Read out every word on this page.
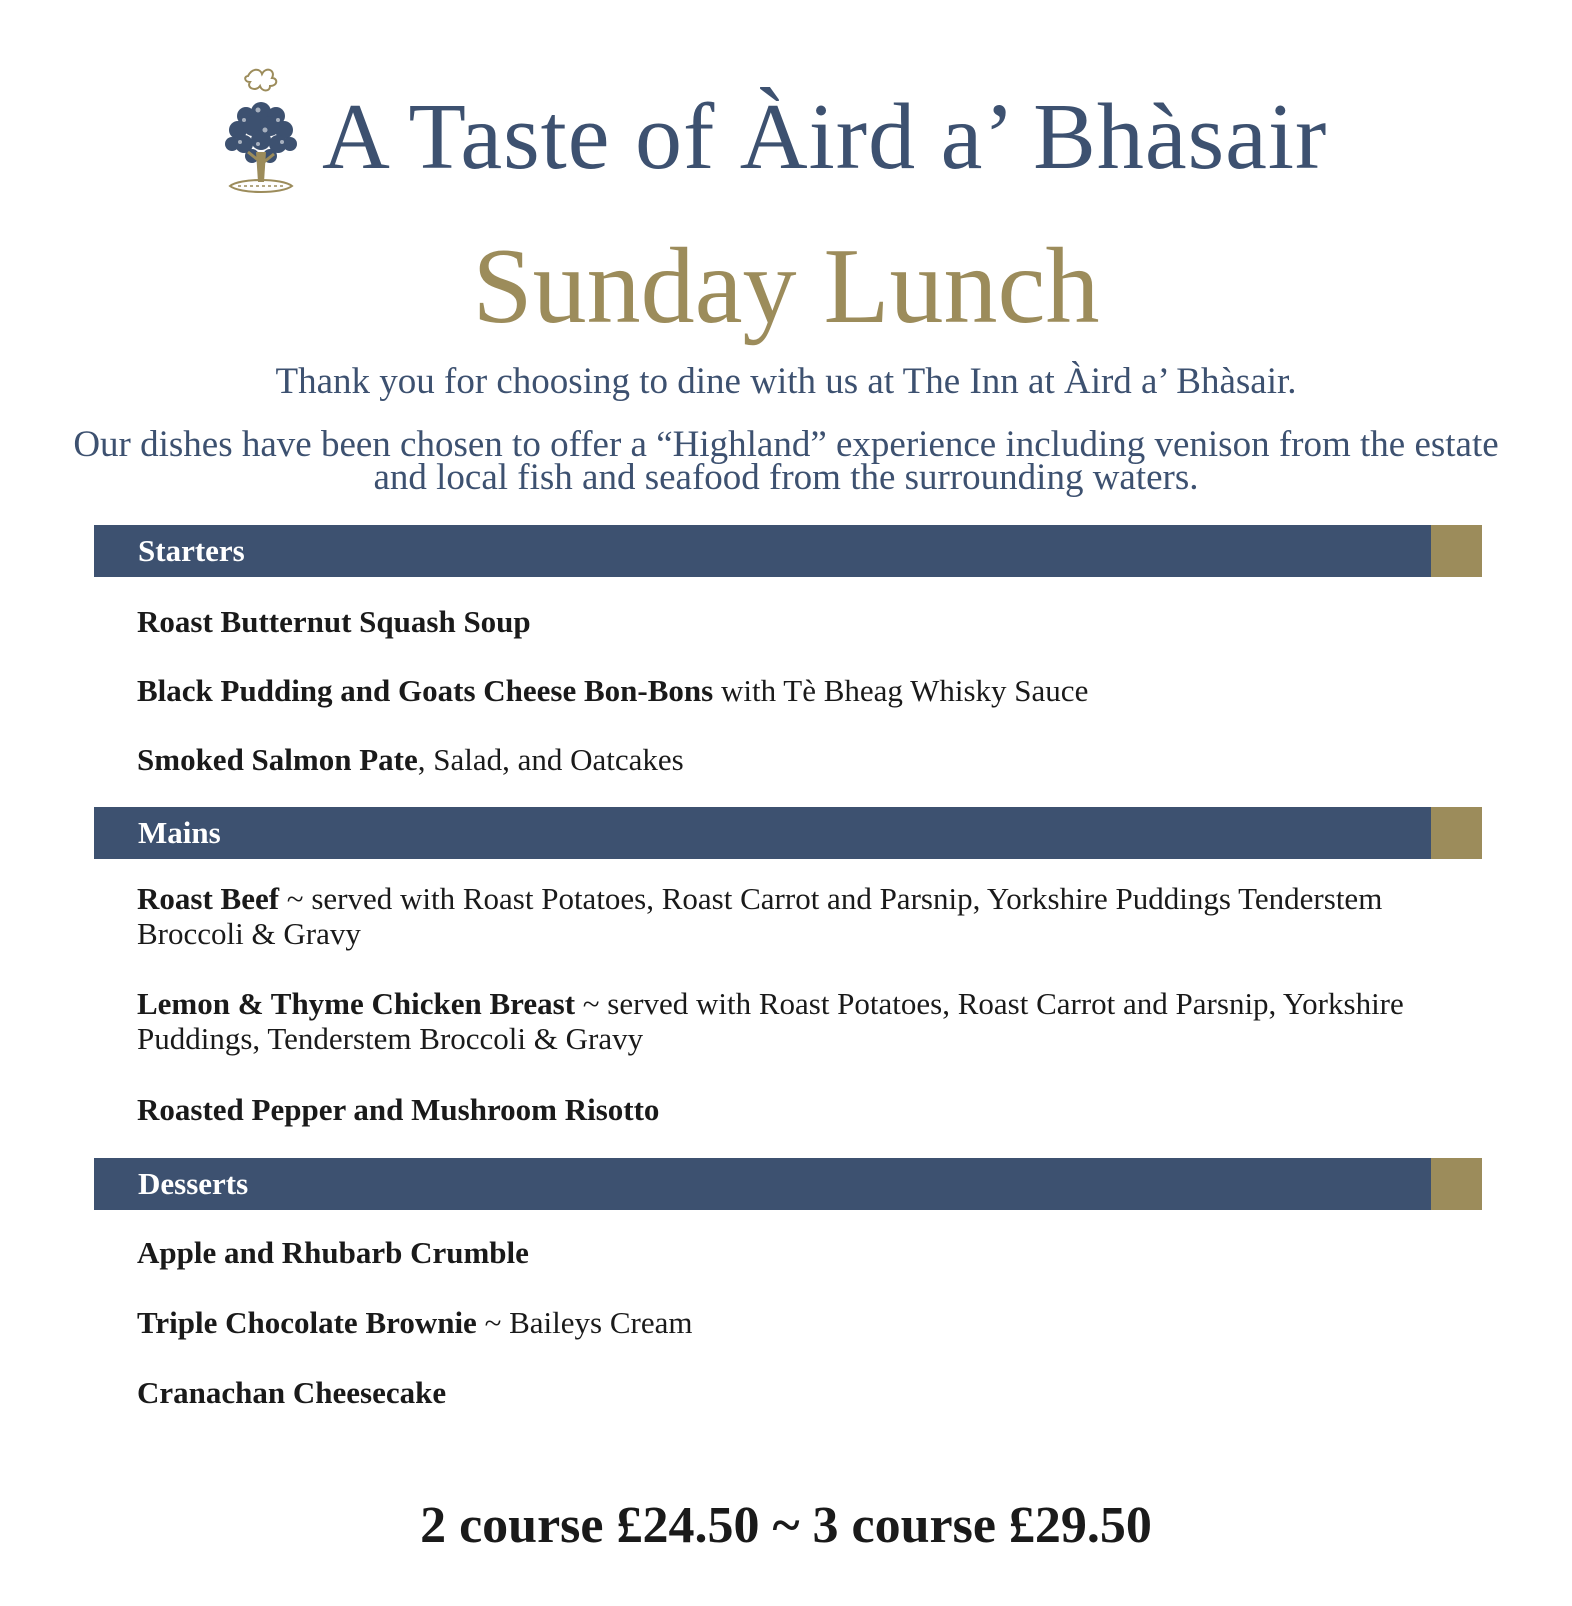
A Taste of Àird a’ Bhàsair
Sunday Lunch
Thank you for choosing to dine with us at The Inn at Àird a’ Bhàsair.
Our dishes have been chosen to offer a “Highland” experience including venison from the estate and local fish and seafood from the surrounding waters.
Starters
Roast Butternut Squash Soup
Black Pudding and Goats Cheese Bon-Bons with Tè Bheag Whisky Sauce
Smoked Salmon Pate, Salad, and Oatcakes
Mains
Roast Beef ~ served with Roast Potatoes, Roast Carrot and Parsnip, Yorkshire Puddings Tenderstem Broccoli & Gravy
Lemon & Thyme Chicken Breast ~ served with Roast Potatoes, Roast Carrot and Parsnip, Yorkshire Puddings, Tenderstem Broccoli & Gravy
Roasted Pepper and Mushroom Risotto
Desserts
Apple and Rhubarb Crumble
Triple Chocolate Brownie ~ Baileys Cream
Cranachan Cheesecake
2 course £24.50 ~ 3 course £29.50
